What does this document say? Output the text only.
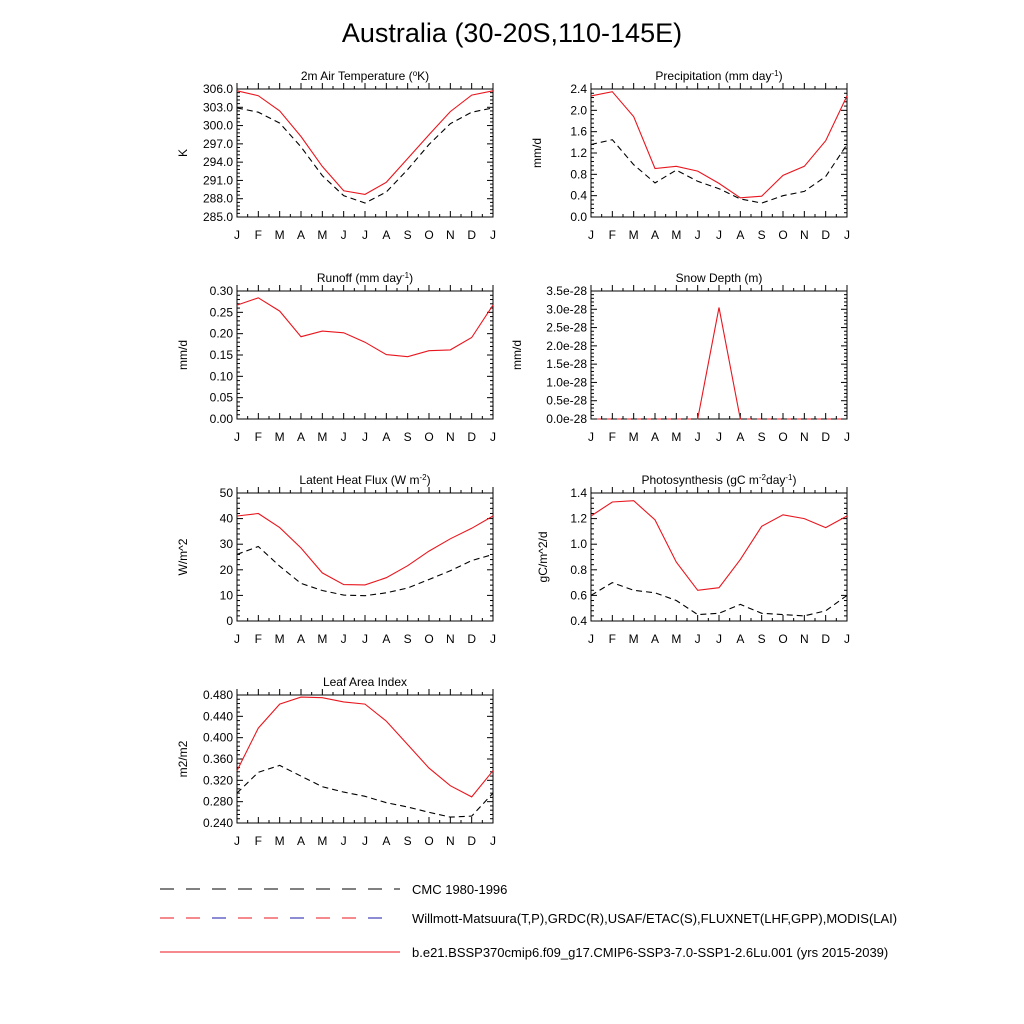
Australia (30-20S,110-145E)
2m Air Temperature ($^o$K)
K
285.0
288.0
291.0
294.0
297.0
300.0
303.0
306.0
J F M A M J J A S O N D J
Precipitation (mm day$^{-1}$)
mm/d
0.0
0.4
0.8
1.2
1.6
2.0
2.4
J F M A M J J A S O N D J
Runoff (mm day$^{-1}$)
mm/d
0.00
0.05
0.10
0.15
0.20
0.25
0.30
J F M A M J J A S O N D J
Snow Depth (m)
mm/d
0.0e-28
0.5e-28
1.0e-28
1.5e-28
2.0e-28
2.5e-28
3.0e-28
3.5e-28
J F M A M J J A S O N D J
Latent Heat Flux (W $m^{-2}$)
W/m^2
0
10
20
30
40
50
J F M A M J J A S O N D J
Photosynthesis (gC $m^{-2}day^{-1}$)
gC/m^2/d
0.4
0.6
0.8
1.0
1.2
1.4
J F M A M J J A S O N D J
Leaf Area Index
m2/m2
0.240
0.280
0.320
0.360
0.400
0.440
0.480
J F M A M J J A S O N D J
CMC 1980-1996
Willmott-Matsuura(T,P),GRDC(R),USAF/ETAC(S),FLUXNET(LHF,GPP),MODIS(LAI)
b.e21.BSSP370cmip6.f09_g17.CMIP6-SSP3-7.0-SSP1-2.6Lu.001 (yrs 2015-2039)
